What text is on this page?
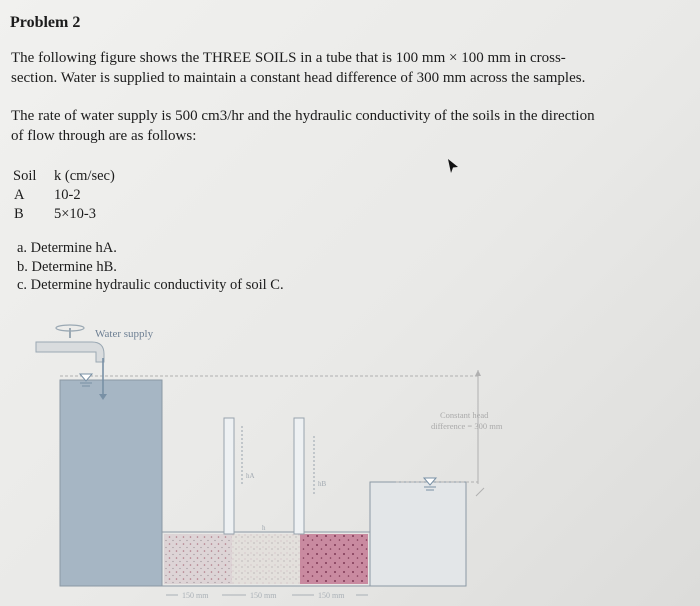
Problem 2
The following figure shows the THREE SOILS in a tube that is 100 mm × 100 mm in cross-
section. Water is supplied to maintain a constant head difference of 300 mm across the samples.
The rate of water supply is 500 cm3/hr and the hydraulic conductivity of the soils in the direction
of flow through are as follows:
Soil k (cm/sec)
A 10-2
B 5×10-3
a. Determine hA.
b. Determine hB.
c. Determine hydraulic conductivity of soil C.
Water supply
hA
hB
h
Constant head
difference = 300 mm
150 mm	150 mm	150 mm
